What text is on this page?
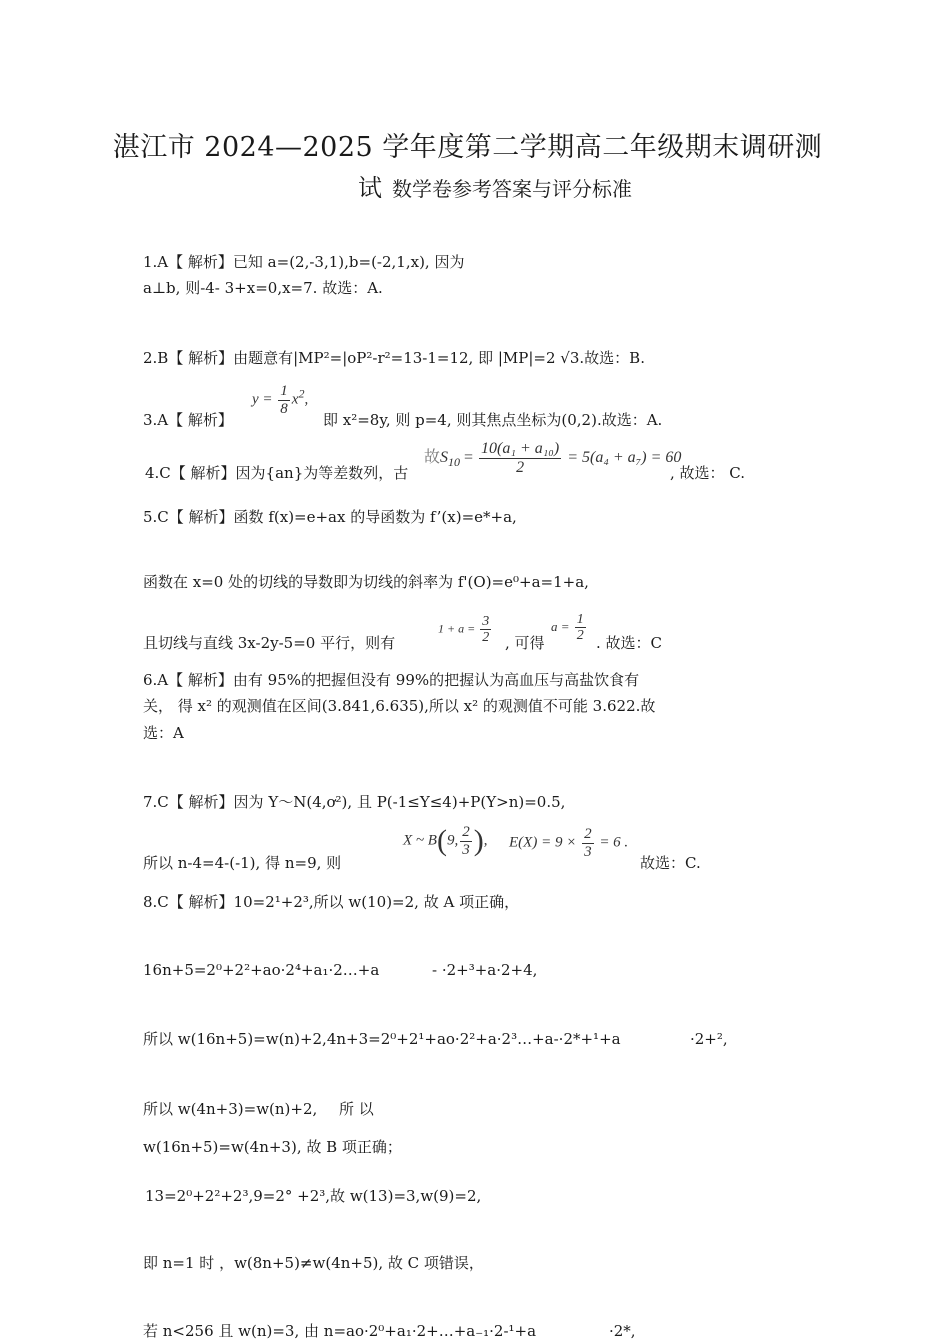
湛江市 2024—2025 学年度第二学期高二年级期末调研测
试 数学卷参考答案与评分标准
1.A【 解析】已知 a=(2,-3,1),b=(-2,1,x), 因为
a⊥b, 则-4- 3+x=0,x=7. 故选：A.
2.B【 解析】由题意有|MP²=|oP²-r²=13-1=12, 即 |MP|=2 √3.故选：B.
3.A【 解析】
$y = \frac{1}{8} x^2$,
即 x²=8y, 则 p=4, 则其焦点坐标为(0,2).故选：A.
4.C【 解析】因为{an}为等差数列，古
故$S_{10} = \frac{\text{10(a₁ + a₁₀)}}{2} = 5(a_4 + a_7) = 60$
, 故选： C.
5.C【 解析】函数 f(x)=e+ax 的导函数为 f’(x)=e*+a,
函数在 x=0 处的切线的导数即为切线的斜率为 f'(O)=e⁰+a=1+a,
且切线与直线 3x-2y-5=0 平行，则有
$1 + a = \frac{3}{2}$ , 可得
$a = \frac{1}{2}$ . 故选：C
6.A【 解析】由有 95%的把握但没有 99%的把握认为高血压与高盐饮食有
关， 得 x² 的观测值在区间(3.841,6.635),所以 x² 的观测值不可能 3.622.故
选：A
7.C【 解析】因为 Y～N(4,ơ²), 且 P(-1≤Y≤4)+P(Y>n)=0.5,
所以 n-4=4-(-1), 得 n=9, 则
X ~ B(9, $\frac{2}{3}$ ), $E(X) = 9 \times \frac{2}{3} = 6$ .
故选：C.
8.C【 解析】10=2¹+2³,所以 w(10)=2, 故 A 项正确，
16n+5=2⁰+2²+ao·2⁴+a₁·2…+a	- ·2+³+a·2+4,
所以 w(16n+5)=w(n)+2,4n+3=2⁰+2¹+ao·2²+a·2³…+a-·2*+¹+a	·2+²,
所以 w(4n+3)=w(n)+2, 所 以
w(16n+5)=w(4n+3), 故 B 项正确；
13=2⁰+2²+2³,9=2° +2³,故 w(13)=3,w(9)=2,
即 n=1 时 ，w(8n+5)≠w(4n+5), 故 C 项错误，
若 n<256 且 w(n)=3, 由 n=ao·2⁰+a₁·2+…+a₋₁·2-¹+a	·2*,
